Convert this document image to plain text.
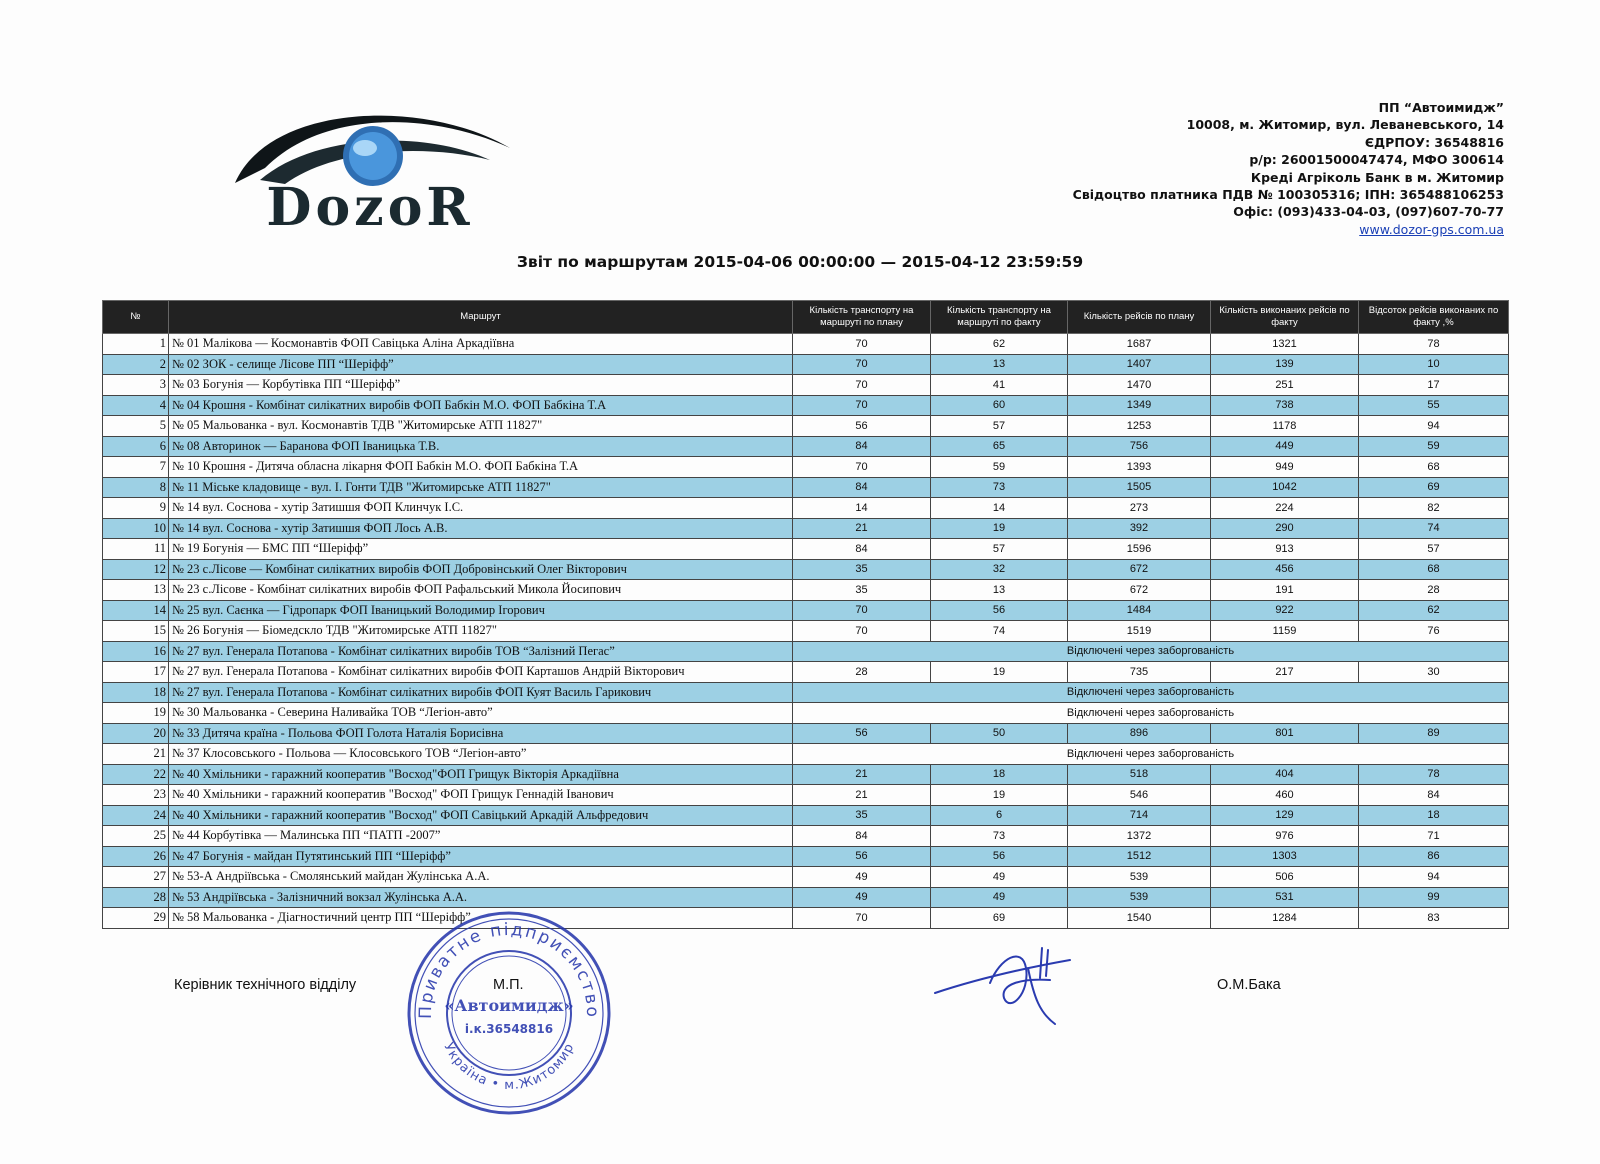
DozoR
ПП “Автоимидж”
10008, м. Житомир, вул. Леваневського, 14
ЄДРПОУ: 36548816
р/р: 26001500047474, МФО 300614
Креді Агріколь Банк в м. Житомир
Свідоцтво платника ПДВ № 100305316; ІПН: 365488106253
Офіс: (093)433-04-03, (097)607-70-77
www.dozor-gps.com.ua
Звіт по маршрутам 2015-04-06 00:00:00 — 2015-04-12 23:59:59
№	Маршрут	Кількість транспорту на маршруті по плану	Кількість транспорту на маршруті по факту	Кількість рейсів по плану	Кількість виконаних рейсів по факту	Відсоток рейсів виконаних по факту ,%
1	№ 01 Малікова — Космонавтів ФОП Савіцька Аліна Аркадіївна	70	62	1687	1321	78
2	№ 02 ЗОК - селище Лісове ПП “Шеріфф”	70	13	1407	139	10
3	№ 03 Богунія — Корбутівка ПП “Шеріфф”	70	41	1470	251	17
4	№ 04 Крошня - Комбінат силікатних виробів ФОП Бабкін М.О. ФОП Бабкіна Т.А	70	60	1349	738	55
5	№ 05 Мальованка - вул. Космонавтів ТДВ "Житомирське АТП 11827"	56	57	1253	1178	94
6	№ 08 Авторинок — Баранова ФОП Іваницька Т.В.	84	65	756	449	59
7	№ 10 Крошня - Дитяча обласна лікарня ФОП Бабкін М.О. ФОП Бабкіна Т.А	70	59	1393	949	68
8	№ 11 Міське кладовище - вул. І. Гонти ТДВ "Житомирське АТП 11827"	84	73	1505	1042	69
9	№ 14 вул. Соснова - хутір Затишшя ФОП Клинчук І.С.	14	14	273	224	82
10	№ 14 вул. Соснова - хутір Затишшя ФОП Лось А.В.	21	19	392	290	74
11	№ 19 Богунія — БМС ПП “Шеріфф”	84	57	1596	913	57
12	№ 23 с.Лісове — Комбінат силікатних виробів ФОП Добровінський Олег Вікторович	35	32	672	456	68
13	№ 23 с.Лісове - Комбінат силікатних виробів ФОП Рафальський Микола Йосипович	35	13	672	191	28
14	№ 25 вул. Саєнка — Гідропарк ФОП Іваницький Володимир Ігорович	70	56	1484	922	62
15	№ 26 Богунія — Біомедскло ТДВ "Житомирське АТП 11827"	70	74	1519	1159	76
16	№ 27 вул. Генерала Потапова - Комбінат силікатних виробів ТОВ “Залізний Пегас”	Відключені через заборгованість				
17	№ 27 вул. Генерала Потапова - Комбінат силікатних виробів ФОП Карташов Андрій Вікторович	28	19	735	217	30
18	№ 27 вул. Генерала Потапова - Комбінат силікатних виробів ФОП Куят Василь Гарикович	Відключені через заборгованість				
19	№ 30 Мальованка - Северина Наливайка ТОВ “Легіон-авто”	Відключені через заборгованість				
20	№ 33 Дитяча країна - Польова ФОП Голота Наталія Борисівна	56	50	896	801	89
21	№ 37 Клосовського - Польова — Клосовського ТОВ “Легіон-авто”	Відключені через заборгованість				
22	№ 40 Хмільники - гаражний кооператив "Восход"ФОП Грищук Вікторія Аркадіївна	21	18	518	404	78
23	№ 40 Хмільники - гаражний кооператив "Восход" ФОП Грищук Геннадій Іванович	21	19	546	460	84
24	№ 40 Хмільники - гаражний кооператив "Восход" ФОП Савіцький Аркадій Альфредович	35	6	714	129	18
25	№ 44 Корбутівка — Малинська ПП “ПАТП -2007”	84	73	1372	976	71
26	№ 47 Богунія - майдан Путятинський ПП “Шеріфф”	56	56	1512	1303	86
27	№ 53-А Андріївська - Смолянський майдан Жулінська А.А.	49	49	539	506	94
28	№ 53 Андріївська - Залізничний вокзал Жулінська А.А.	49	49	539	531	99
29	№ 58 Мальованка - Діагностичний центр ПП “Шеріфф”	70	69	1540	1284	83
Керівник технічного відділу	М.П.	О.М.Бака
Приватне підприємство
Україна • м.Житомир
«Автоимидж»
і.к.36548816
